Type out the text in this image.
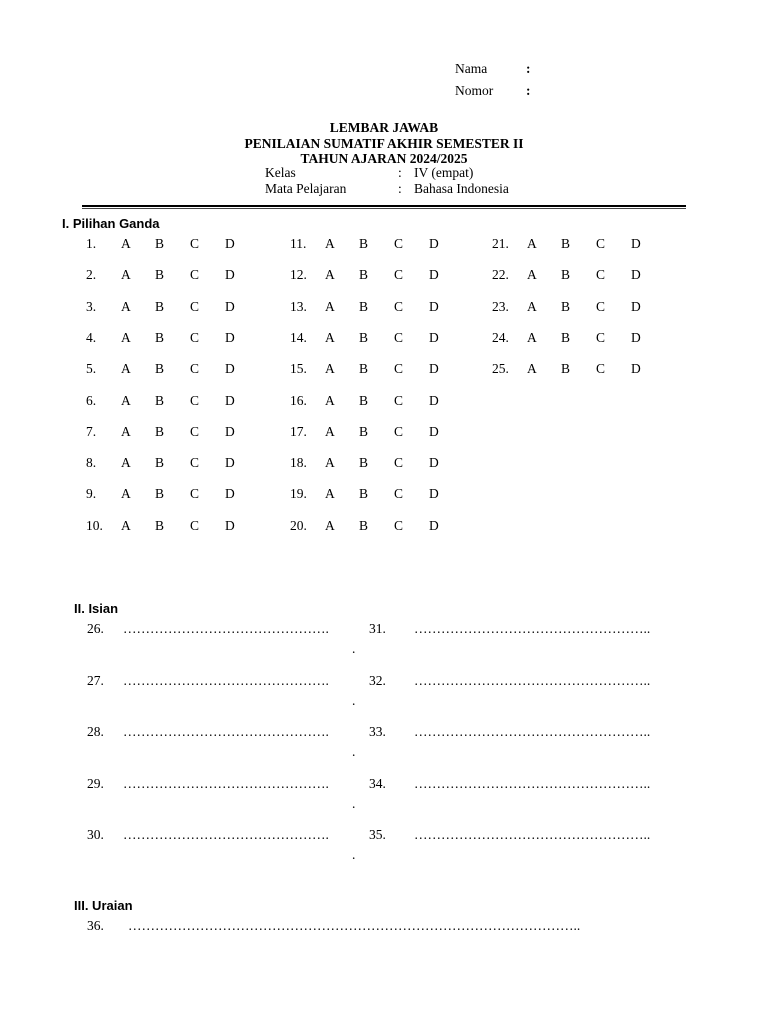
Nama	:
Nomor :
LEMBAR JAWAB
PENILAIAN SUMATIF AKHIR SEMESTER II
TAHUN AJARAN 2024/2025
Kelas	: IV (empat)
Mata Pelajaran	: Bahasa Indonesia
I. Pilihan Ganda
1. A B C D
2. A B C D
3. A B C D
4. A B C D
5. A B C D
6. A B C D
7. A B C D
8. A B C D
9. A B C D
10. A B C D
11. A B C D
12. A B C D
13. A B C D
14. A B C D
15. A B C D
16. A B C D
17. A B C D
18. A B C D
19. A B C D
20. A B C D
21. A B C D
22. A B C D
23. A B C D
24. A B C D
25. A B C D
II. Isian
26. ……………………………………….
.
31. ……………………………………………..
27. ……………………………………….
.
32. ……………………………………………..
28. ……………………………………….
.
33. ……………………………………………..
29. ……………………………………….
.
34. ……………………………………………..
30. ……………………………………….
.
35. ……………………………………………..
III. Uraian
36. ………………………………………………………………………………………..
